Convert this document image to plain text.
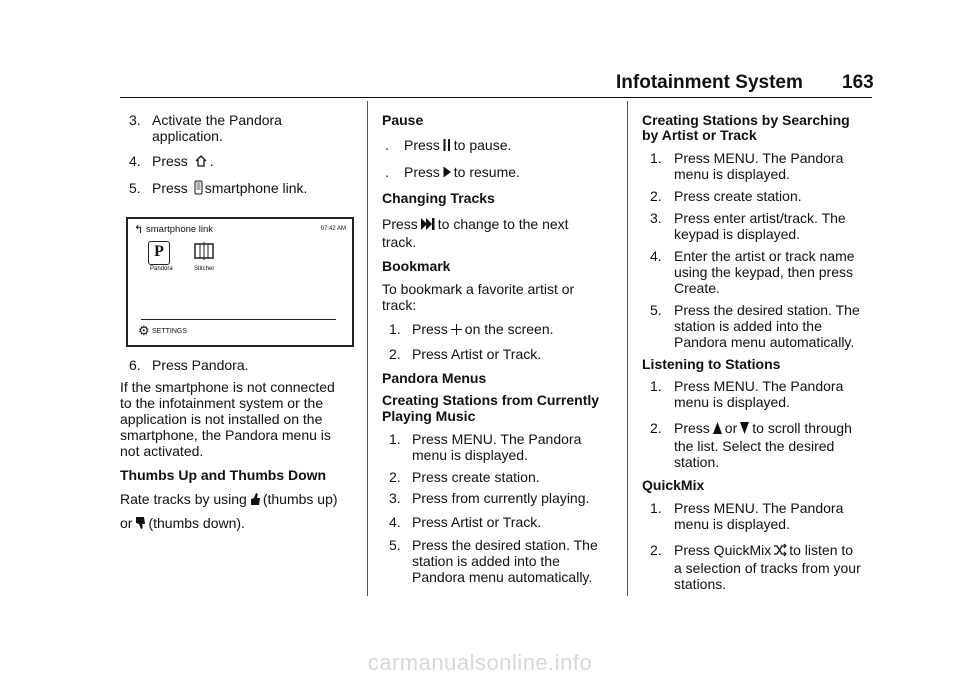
Infotainment System 163
3. Activate the Pandora
application.
4. Press .
5. Press smartphone link.
↰ smartphone link	07:42 AM
P
Pandora	Stitcher
⚙ SETTINGS
6. Press Pandora.
If the smartphone is not connected
to the infotainment system or the
application is not installed on the
smartphone, the Pandora menu is
not activated.
Thumbs Up and Thumbs Down
Rate tracks by using (thumbs up)
or (thumbs down).
Pause
. Press to pause.
. Press to resume.
Changing Tracks
Press to change to the next
track.
Bookmark
To bookmark a favorite artist or
track:
1. Press on the screen.
2. Press Artist or Track.
Pandora Menus
Creating Stations from Currently
Playing Music
1. Press MENU. The Pandora
menu is displayed.
2. Press create station.
3. Press from currently playing.
4. Press Artist or Track.
5. Press the desired station. The
station is added into the
Pandora menu automatically.
Creating Stations by Searching
by Artist or Track
1. Press MENU. The Pandora
menu is displayed.
2. Press create station.
3. Press enter artist/track. The
keypad is displayed.
4. Enter the artist or track name
using the keypad, then press
Create.
5. Press the desired station. The
station is added into the
Pandora menu automatically.
Listening to Stations
1. Press MENU. The Pandora
menu is displayed.
2. Press or to scroll through
the list. Select the desired
station.
QuickMix
1. Press MENU. The Pandora
menu is displayed.
2. Press QuickMix to listen to
a selection of tracks from your
stations.
carmanualsonline.info
